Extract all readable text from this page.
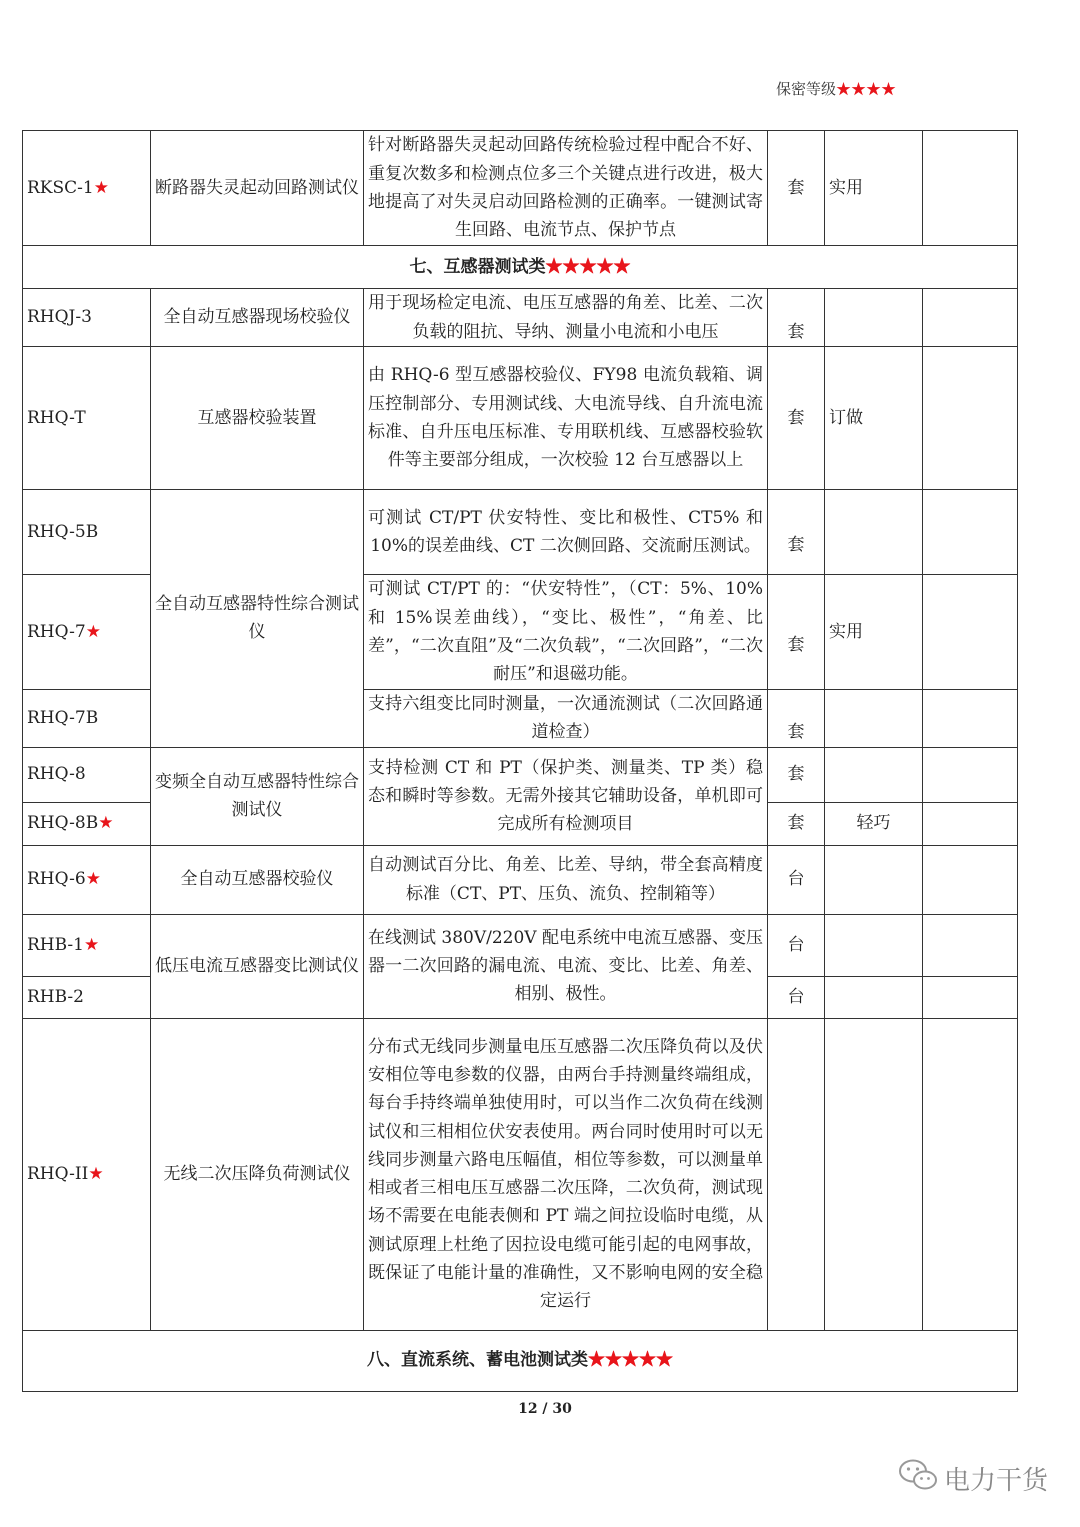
保密等级★★★★
RKSC-1★	断路器失灵起动回路测试仪	针对断路器失灵起动回路传统检验过程中配合不好、重复次数多和检测点位多三个关键点进行改进，极大地提高了对失灵启动回路检测的正确率。一键测试寄生回路、电流节点、保护节点	套	实用	
七、互感器测试类★★★★★					
RHQJ-3	全自动互感器现场校验仪	用于现场检定电流、电压互感器的角差、比差、二次负载的阻抗、导纳、测量小电流和小电压	套		
RHQ-T	互感器校验装置	由 RHQ-6 型互感器校验仪、FY98 电流负载箱、调压控制部分、专用测试线、大电流导线、自升流电流标准、自升压电压标准、专用联机线、互感器校验软件等主要部分组成，一次校验 12 台互感器以上	套	订做	
RHQ-5B	全自动互感器特性综合测试仪	可测试 CT/PT 伏安特性、变比和极性、CT5% 和 10%的误差曲线、CT 二次侧回路、交流耐压测试。	套		
RHQ-7★		可测试 CT/PT 的：“伏安特性”，（CT：5%、10%和 15%误差曲线），“变比、极性”，“角差、比差”，“二次直阻”及“二次负载”，“二次回路”，“二次耐压”和退磁功能。	套	实用	
RHQ-7B		支持六组变比同时测量，一次通流测试（二次回路通道检查）	套		
RHQ-8	变频全自动互感器特性综合测试仪	支持检测 CT 和 PT（保护类、测量类、TP 类）稳态和瞬时等参数。无需外接其它辅助设备，单机即可完成所有检测项目	套		
RHQ-8B★			套	轻巧	
RHQ-6★	全自动互感器校验仪	自动测试百分比、角差、比差、导纳，带全套高精度标准（CT、PT、压负、流负、控制箱等）	台		
RHB-1★	低压电流互感器变比测试仪	在线测试 380V/220V 配电系统中电流互感器、变压器一二次回路的漏电流、电流、变比、比差、角差、相别、极性。	台		
RHB-2			台		
RHQ-II★	无线二次压降负荷测试仪	分布式无线同步测量电压互感器二次压降负荷以及伏安相位等电参数的仪器，由两台手持测量终端组成，每台手持终端单独使用时，可以当作二次负荷在线测试仪和三相相位伏安表使用。两台同时使用时可以无线同步测量六路电压幅值，相位等参数，可以测量单相或者三相电压互感器二次压降，二次负荷，测试现场不需要在电能表侧和 PT 端之间拉设临时电缆，从测试原理上杜绝了因拉设电缆可能引起的电网事故，既保证了电能计量的准确性，又不影响电网的安全稳定运行			
八、直流系统、蓄电池测试类★★★★★					
12 / 30
电力干货
